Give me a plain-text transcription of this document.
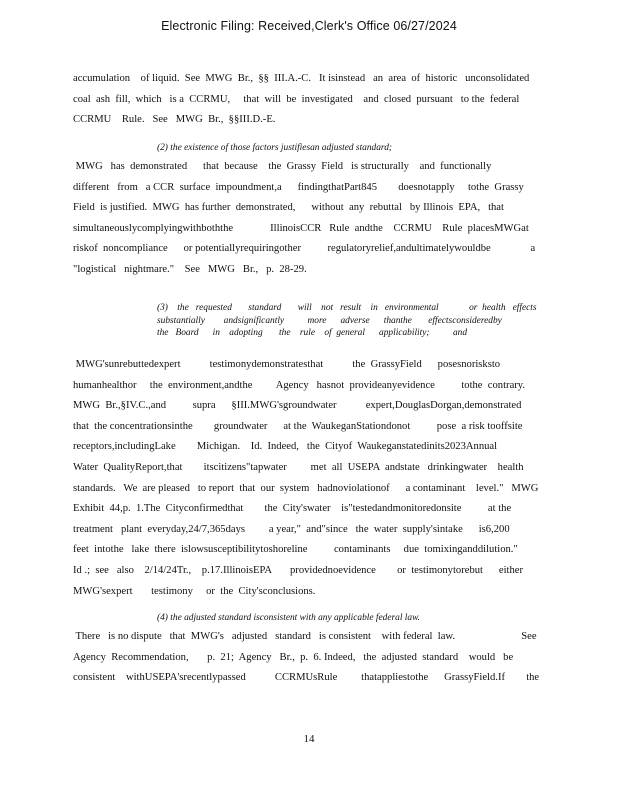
Electronic Filing: Received,Clerk's Office 06/27/2024
accumulation    of liquid.  See  MWG  Br.,  §§  III.A.-C.   It isinstead   an  area  of  historic   unconsolidated
coal  ash  fill,  which   is a  CCRMU,     that  will  be  investigated    and  closed  pursuant   to the  federal
CCRMU    Rule.   See   MWG  Br.,  §§III.D.-E.
(2) the existence of those factors justifiesan adjusted standard;
MWG   has  demonstrated      that  because    the  Grassy  Field   is structurally    and  functionally
different   from   a CCR  surface  impoundment,a      findingthatPart845        doesnotapply     tothe  Grassy
Field  is justified.  MWG  has further  demonstrated,      without  any  rebuttal   by Illinois  EPA,   that
simultaneouslycomplyingwithboththe              IllinoisCCR   Rule  andthe    CCRMU    Rule  placesMWGat
riskof  noncompliance      or potentiallyrequiringother          regulatoryrelief,andultimatelywouldbe               a
"logistical   nightmare."    See   MWG   Br.,   p.  28-29.
(3)    the   requested       standard       will    not   result    in   environmental             or  health   effects
substantially        andsignificantly          more      adverse      thanthe       effectsconsideredby
the   Board      in    adopting       the    rule    of  general      applicability;          and
MWG'sunrebuttedexpert           testimonydemonstratesthat           the  GrassyField      posesnorisksto
humanhealthor     the  environment,andthe         Agency   hasnot  provideanyevidence          tothe  contrary.
MWG  Br.,§IV.C.,and          supra      §III.MWG'sgroundwater           expert,DouglasDorgan,demonstrated
that  the concentrationsinthe        groundwater      at the  WaukeganStationdonot          pose  a risk tooffsite
receptors,includingLake        Michigan.    Id.  Indeed,   the  Cityof  Waukeganstatedinits2023Annual
Water  QualityReport,that        itscitizens"tapwater         met  all  USEPA  andstate   drinkingwater    health
standards.   We  are pleased   to report  that  our  system   hadnoviolationof      a contaminant    level."   MWG
Exhibit  44,p.  1.The  Cityconfirmedthat        the  City'swater    is"testedandmonitoredonsite          at the
treatment   plant  everyday,24/7,365days         a year,"  and"since   the  water  supply'sintake      is6,200
feet  intothe   lake  there  islowsusceptibilitytoshoreline          contaminants     due  tomixinganddilution."
Id .;  see   also    2/14/24Tr.,    p.17.IllinoisEPA       providednoevidence        or  testimonytorebut      either
MWG'sexpert       testimony     or  the  City'sconclusions.
(4) the adjusted standard isconsistent with any applicable federal law.
There   is no dispute   that  MWG's   adjusted   standard   is consistent    with federal  law.                         See
Agency  Recommendation,       p.  21;  Agency   Br.,  p.  6. Indeed,   the  adjusted  standard    would   be
consistent    withUSEPA'srecentlypassed           CCRMUsRule         thatappliestothe      GrassyField.If        the
14
